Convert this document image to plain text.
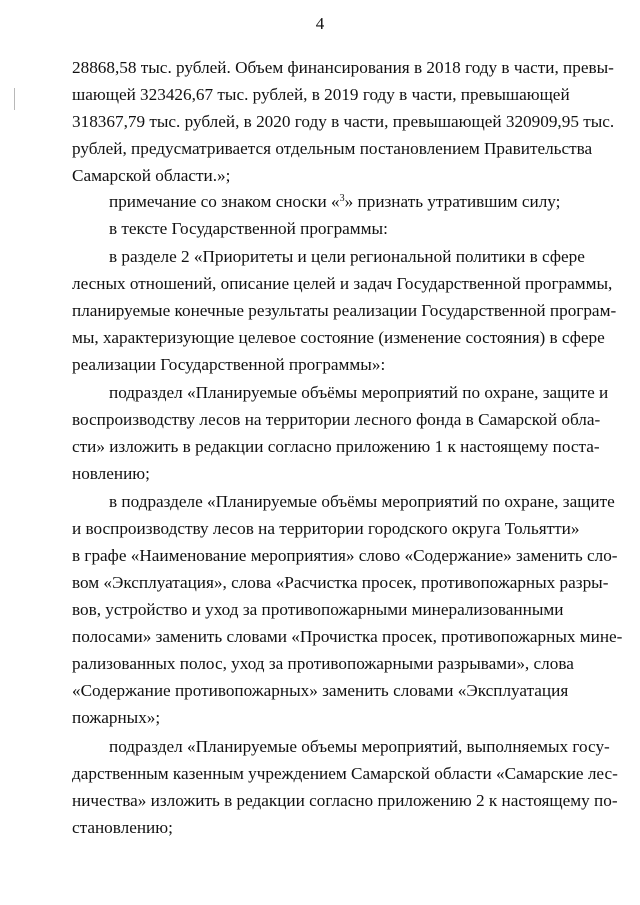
4
28868,58 тыс. рублей. Объем финансирования в 2018 году в части, превы-
шающей 323426,67 тыс. рублей, в 2019 году в части, превышающей
318367,79 тыс. рублей, в 2020 году в части, превышающей 320909,95 тыс.
рублей, предусматривается отдельным постановлением Правительства
Самарской области.»;
примечание со знаком сноски «$^3$» признать утратившим силу;
в тексте Государственной программы:
в разделе 2 «Приоритеты и цели региональной политики в сфере
лесных отношений, описание целей и задач Государственной программы,
планируемые конечные результаты реализации Государственной програм-
мы, характеризующие целевое состояние (изменение состояния) в сфере
реализации Государственной программы»:
подраздел «Планируемые объёмы мероприятий по охране, защите и
воспроизводству лесов на территории лесного фонда в Самарской обла-
сти» изложить в редакции согласно приложению 1 к настоящему поста-
новлению;
в подразделе «Планируемые объёмы мероприятий по охране, защите
и воспроизводству лесов на территории городского округа Тольятти»
в графе «Наименование мероприятия» слово «Содержание» заменить сло-
вом «Эксплуатация», слова «Расчистка просек, противопожарных разры-
вов, устройство и уход за противопожарными минерализованными
полосами» заменить словами «Прочистка просек, противопожарных мине-
рализованных полос, уход за противопожарными разрывами», слова
«Содержание противопожарных» заменить словами «Эксплуатация
пожарных»;
подраздел «Планируемые объемы мероприятий, выполняемых госу-
дарственным казенным учреждением Самарской области «Самарские лес-
ничества» изложить в редакции согласно приложению 2 к настоящему по-
становлению;
